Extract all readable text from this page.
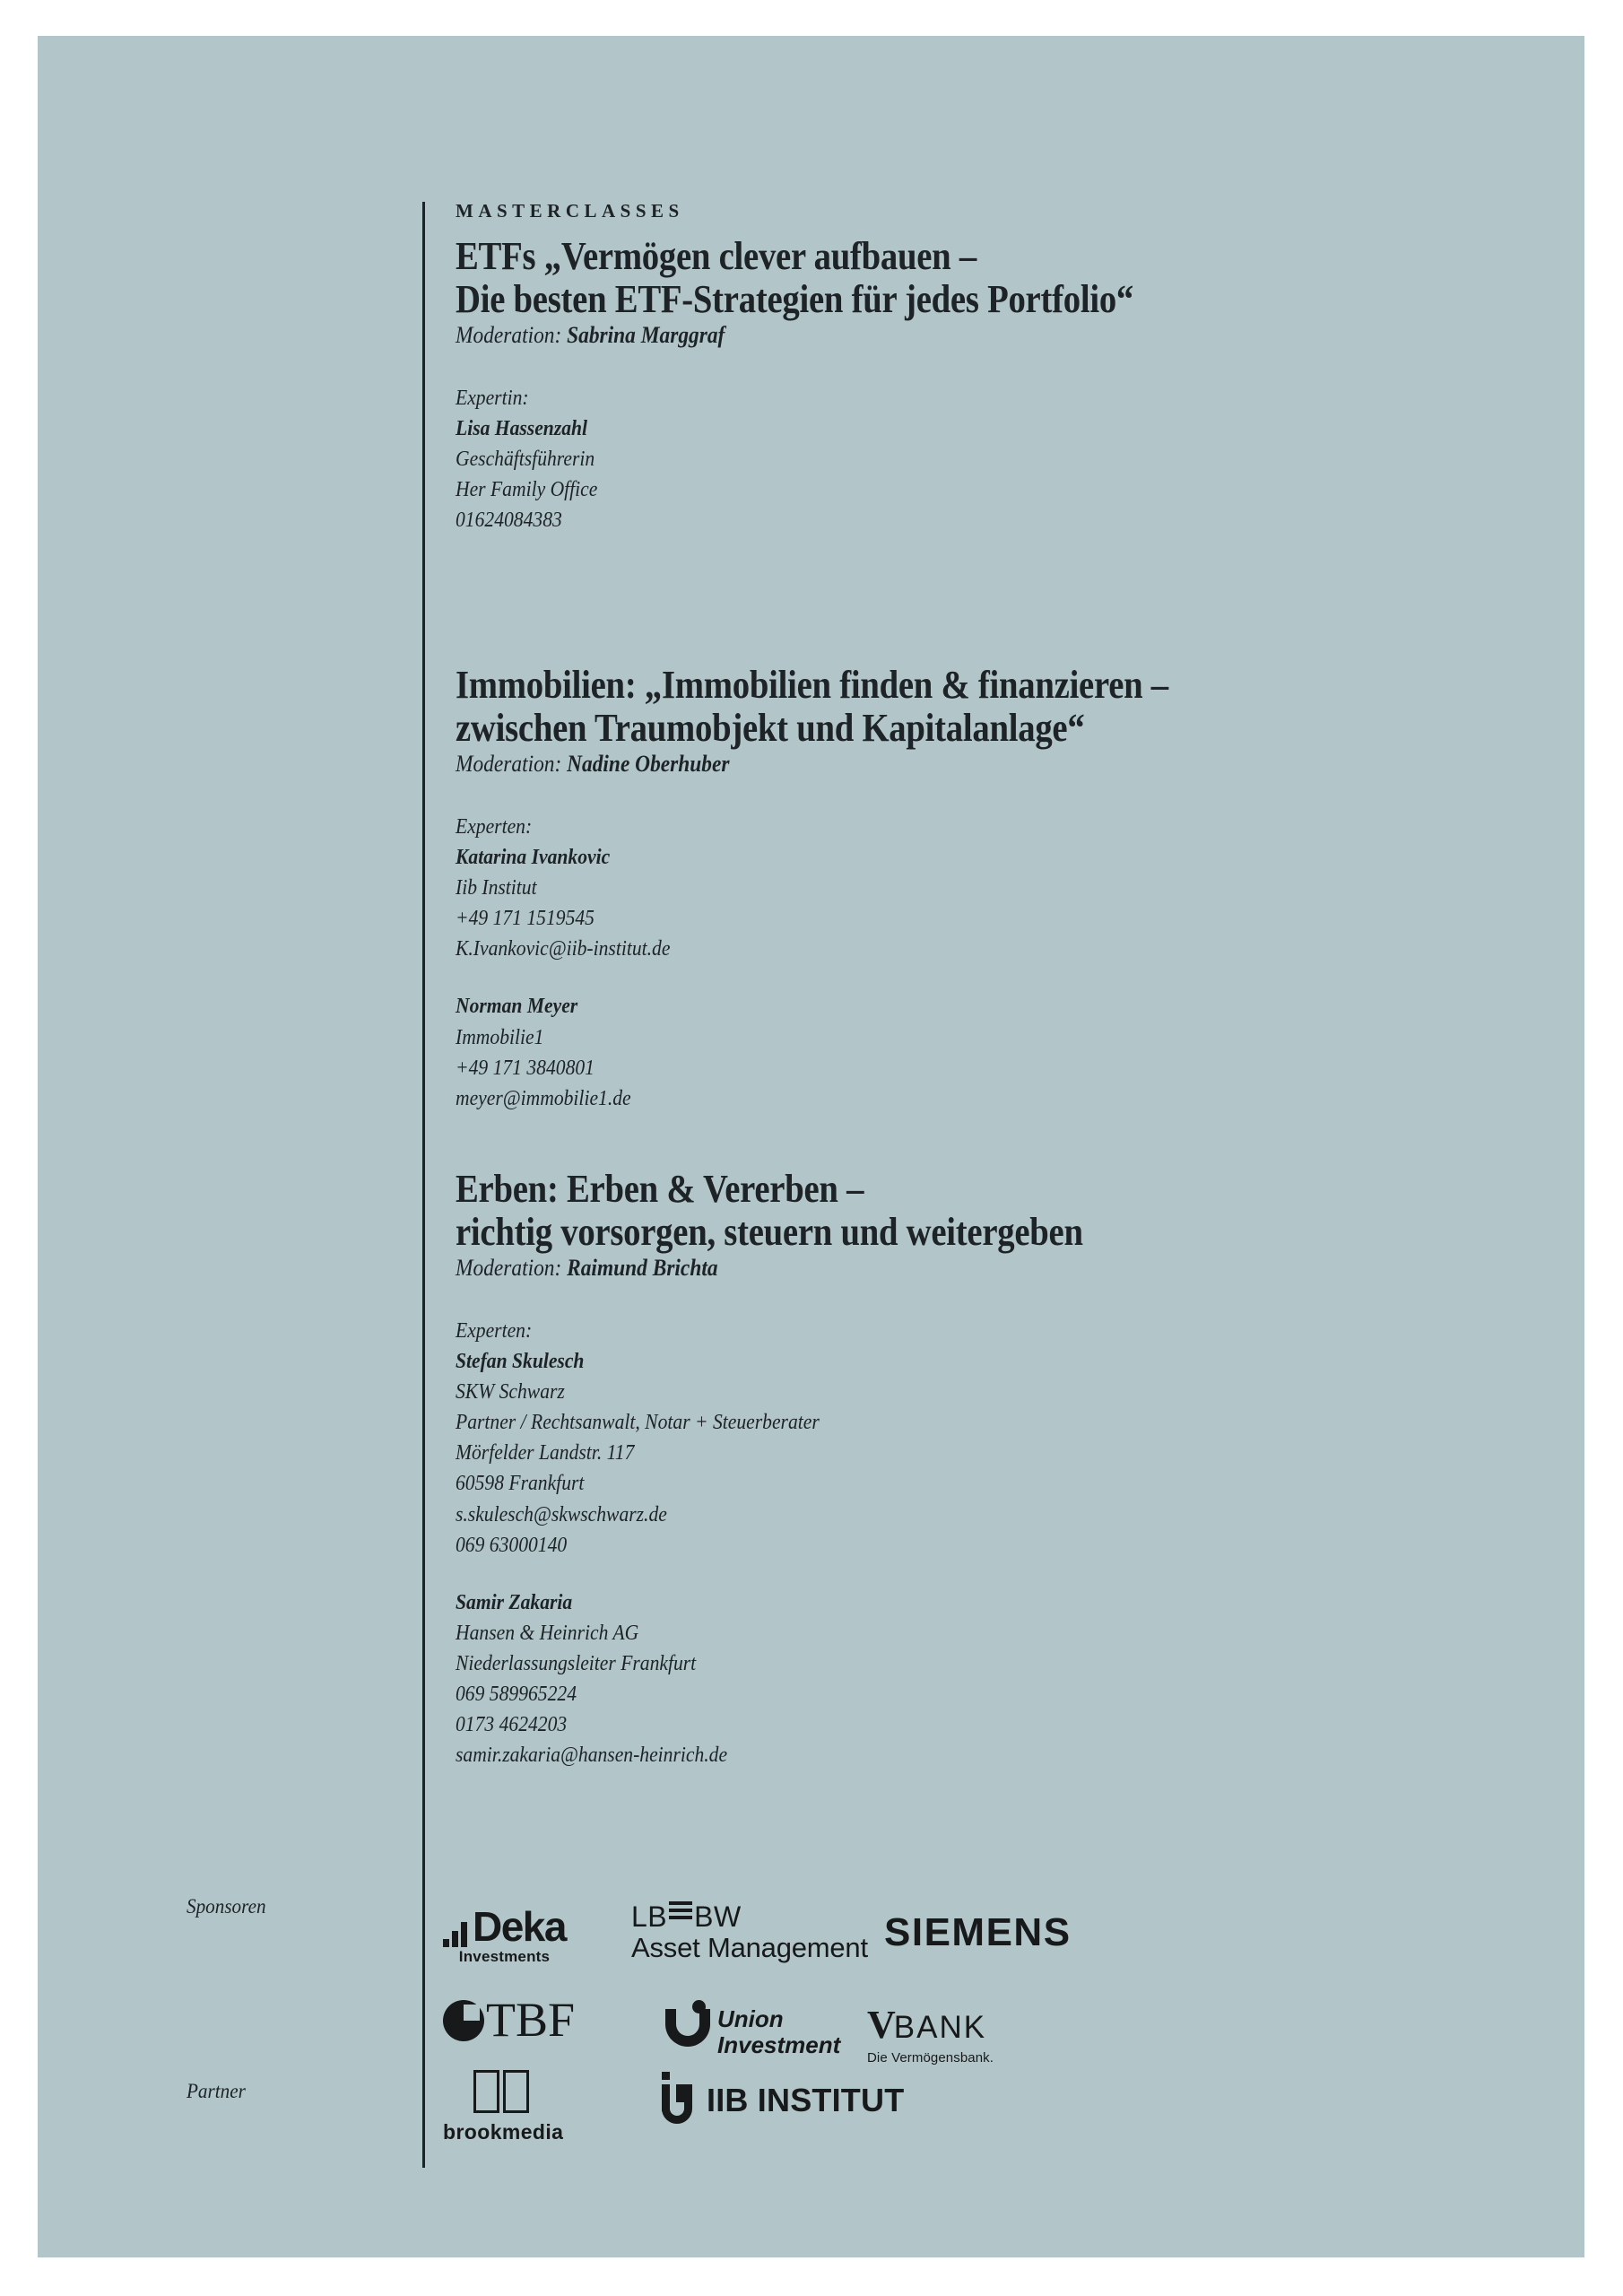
MASTERCLASSES

ETFs „Vermögen clever aufbauen –
Die besten ETF-Strategien für jedes Portfolio“

Moderation: Sabrina Marggraf

Expertin:

Lisa Hassenzahl

Geschäftsführerin

Her Family Office

01624084383

Immobilien: „Immobilien finden & finanzieren –
zwischen Traumobjekt und Kapitalanlage“

Moderation: Nadine Oberhuber

Experten:

Katarina Ivankovic

Iib Institut

+49 171 1519545

K.Ivankovic@iib-institut.de

Norman Meyer

Immobilie1

+49 171 3840801

meyer@immobilie1.de

Erben: Erben & Vererben –
richtig vorsorgen, steuern und weitergeben

Moderation: Raimund Brichta

Experten:

Stefan Skulesch

SKW Schwarz

Partner / Rechtsanwalt, Notar + Steuerberater

Mörfelder Landstr. 117

60598 Frankfurt

s.skulesch@skwschwarz.de

069 63000140

Samir Zakaria

Hansen & Heinrich AG

Niederlassungsleiter Frankfurt

069 589965224

0173 4624203

samir.zakaria@hansen-heinrich.de

Sponsoren	Deka
Investments
LB BW
Asset Management SIEMENS
TBF	Union
Investment V BANK
Die Vermögensbank.
Partner
brookmedia
IIB INSTITUT
